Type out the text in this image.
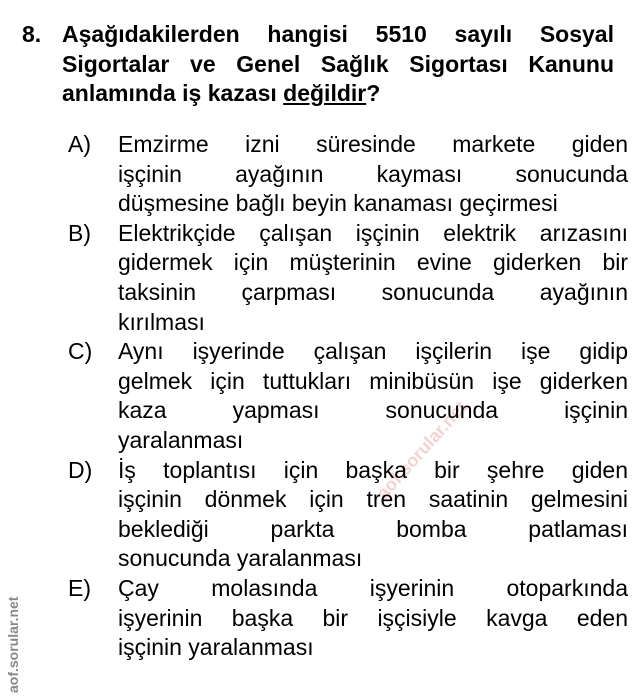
aof.sorular.net
aof.sorular.net
8. Aşağıdakilerden hangisi 5510 sayılı Sosyal
Sigortalar ve Genel Sağlık Sigortası Kanunu
anlamında iş kazası değildir?
A)	Emzirme izni süresinde markete giden
işçinin ayağının kayması sonucunda
düşmesine bağlı beyin kanaması geçirmesi
B)	Elektrikçide çalışan işçinin elektrik arızasını
gidermek için müşterinin evine giderken bir
taksinin çarpması sonucunda ayağının
kırılması
C)	Aynı işyerinde çalışan işçilerin işe gidip
gelmek için tuttukları minibüsün işe giderken
kaza yapması sonucunda işçinin
yaralanması
D)	İş toplantısı için başka bir şehre giden
işçinin dönmek için tren saatinin gelmesini
beklediği parkta bomba patlaması
sonucunda yaralanması
E)	Çay molasında işyerinin otoparkında
işyerinin başka bir işçisiyle kavga eden
işçinin yaralanması
